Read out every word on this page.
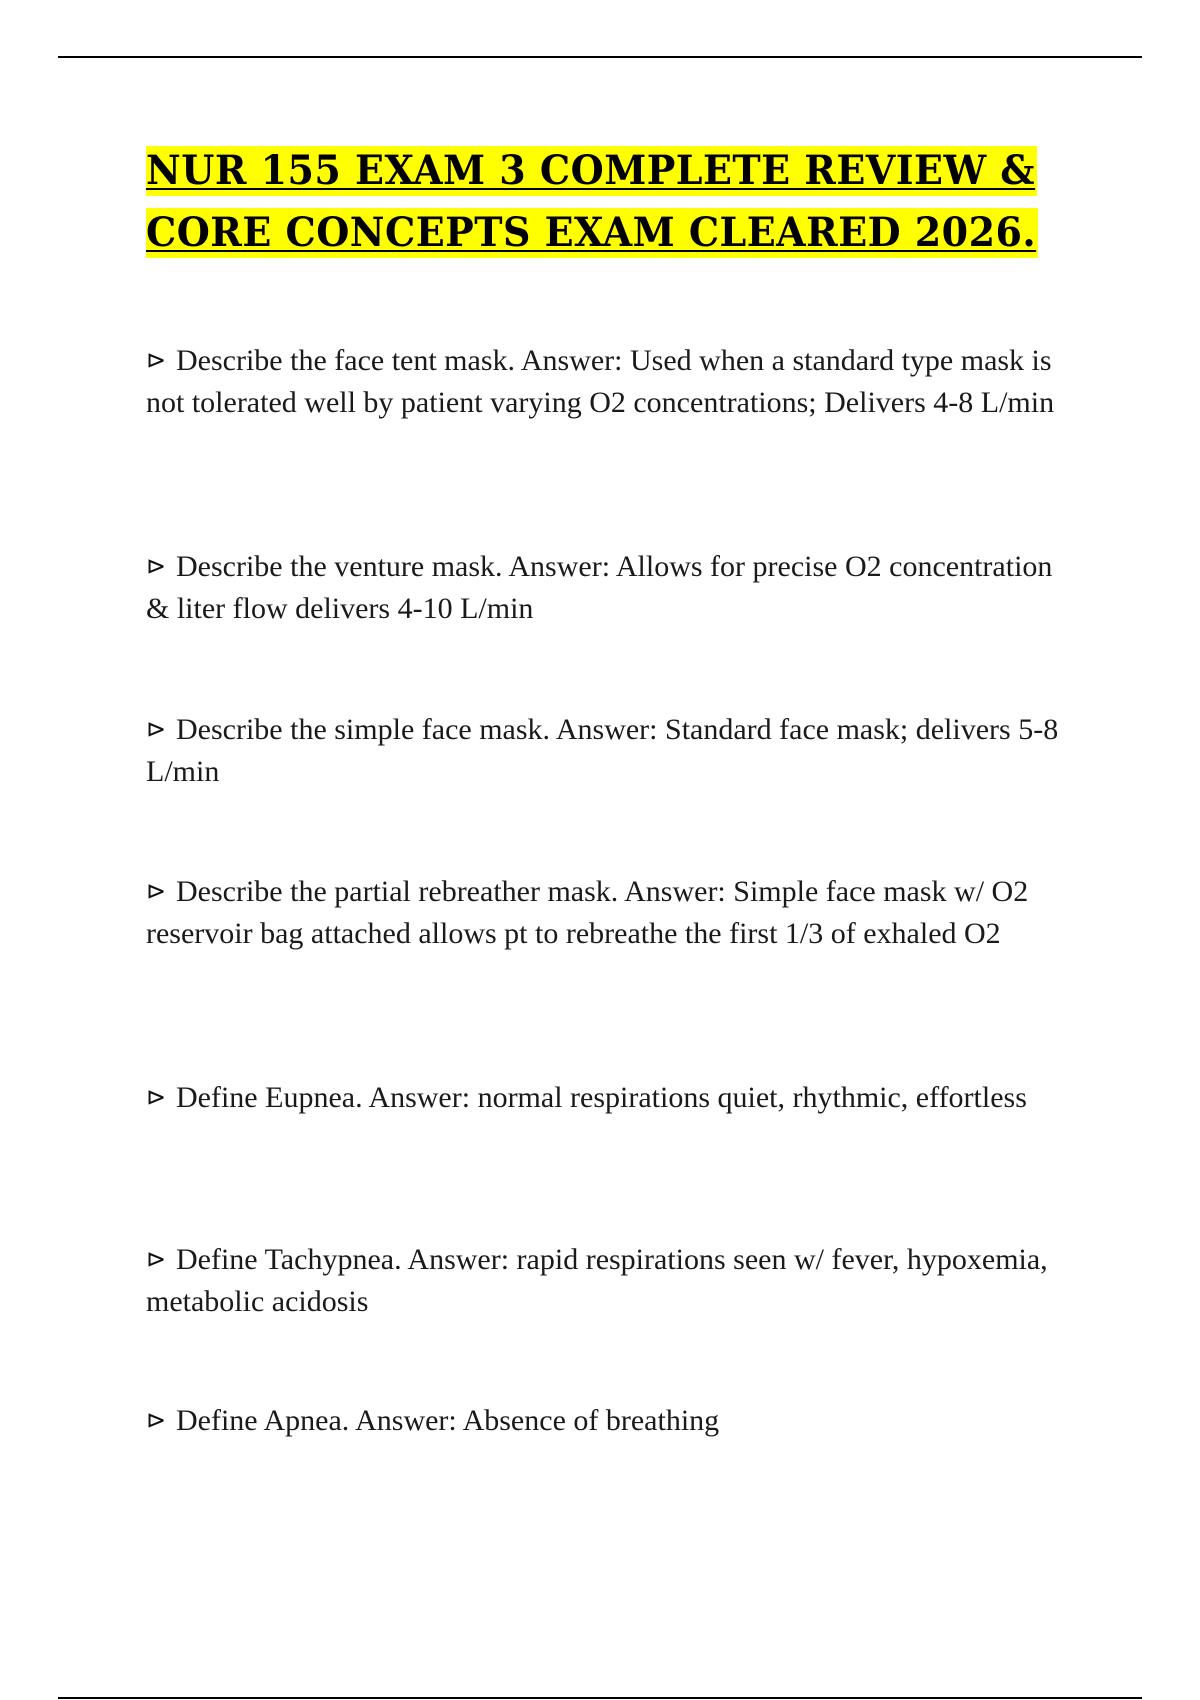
NUR 155 EXAM 3 COMPLETE REVIEW &
CORE CONCEPTS EXAM CLEARED 2026.
⊳ Describe the face tent mask. Answer: Used when a standard type mask is not tolerated well by patient varying O2 concentrations; Delivers 4-8 L/min
⊳ Describe the venture mask. Answer: Allows for precise O2 concentration & liter flow delivers 4-10 L/min
⊳ Describe the simple face mask. Answer: Standard face mask; delivers 5-8 L/min
⊳ Describe the partial rebreather mask. Answer: Simple face mask w/ O2 reservoir bag attached allows pt to rebreathe the first 1/3 of exhaled O2
⊳ Define Eupnea. Answer: normal respirations quiet, rhythmic, effortless
⊳ Define Tachypnea. Answer: rapid respirations seen w/ fever, hypoxemia, metabolic acidosis
⊳ Define Apnea. Answer: Absence of breathing
